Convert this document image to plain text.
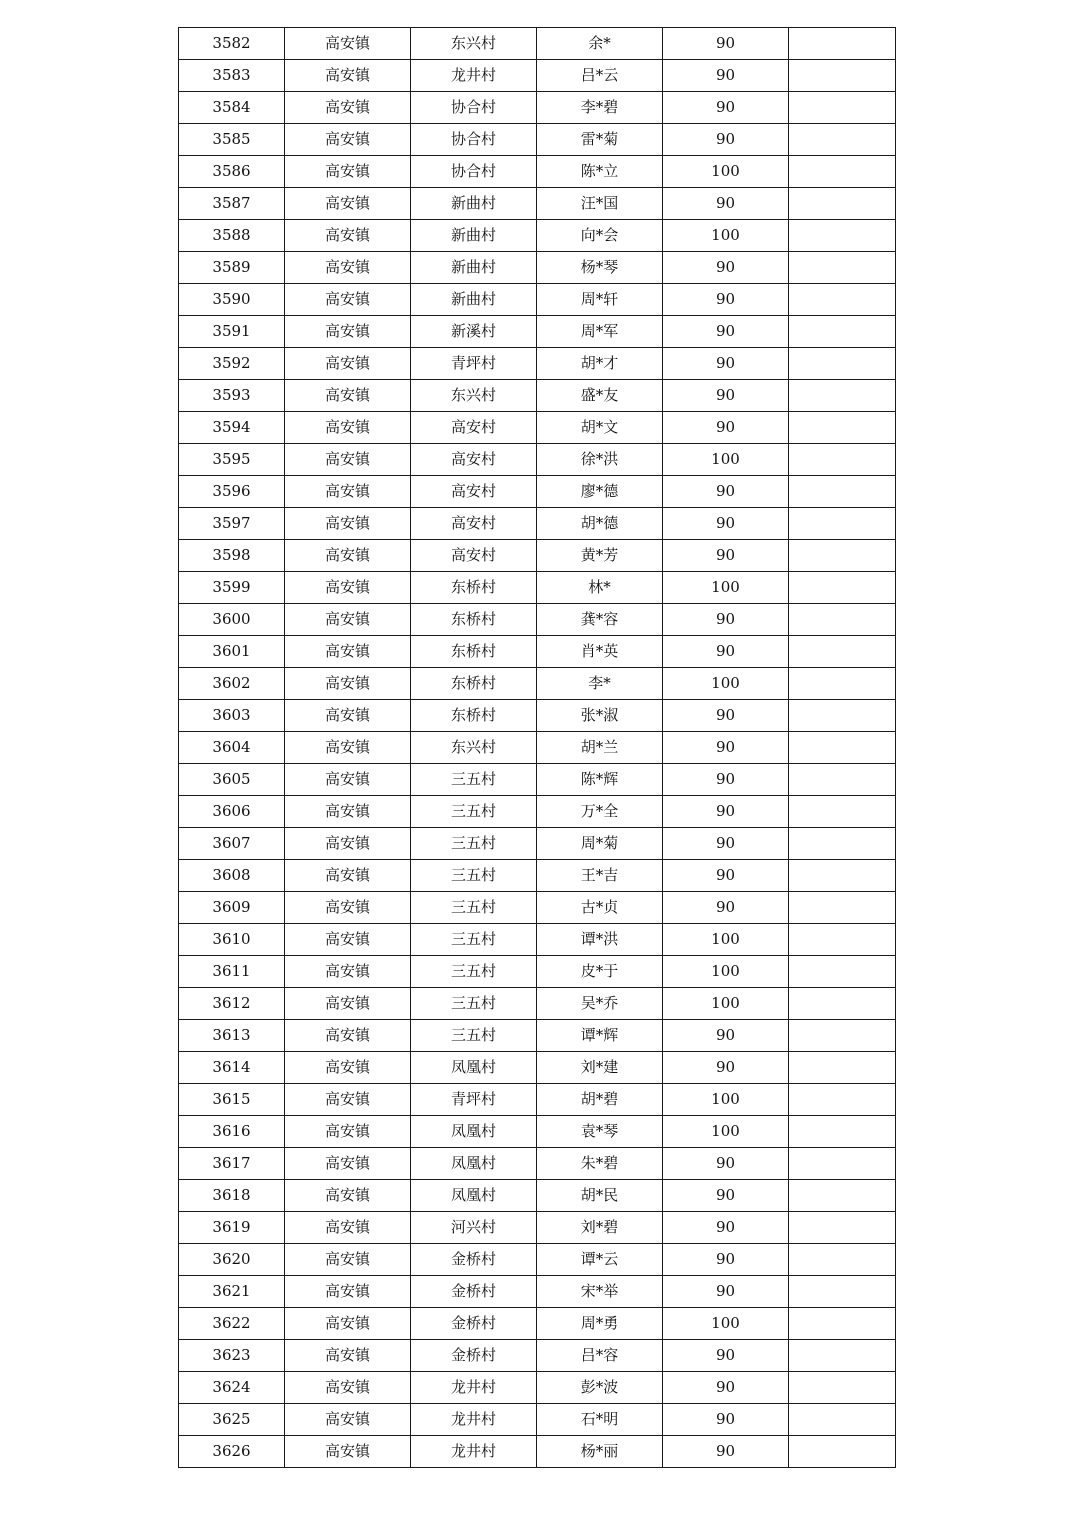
3582	高安镇	东兴村	余*	90	
3583	高安镇	龙井村	吕*云	90	
3584	高安镇	协合村	李*碧	90	
3585	高安镇	协合村	雷*菊	90	
3586	高安镇	协合村	陈*立	100	
3587	高安镇	新曲村	汪*国	90	
3588	高安镇	新曲村	向*会	100	
3589	高安镇	新曲村	杨*琴	90	
3590	高安镇	新曲村	周*轩	90	
3591	高安镇	新溪村	周*军	90	
3592	高安镇	青坪村	胡*才	90	
3593	高安镇	东兴村	盛*友	90	
3594	高安镇	高安村	胡*文	90	
3595	高安镇	高安村	徐*洪	100	
3596	高安镇	高安村	廖*德	90	
3597	高安镇	高安村	胡*德	90	
3598	高安镇	高安村	黄*芳	90	
3599	高安镇	东桥村	林*	100	
3600	高安镇	东桥村	龚*容	90	
3601	高安镇	东桥村	肖*英	90	
3602	高安镇	东桥村	李*	100	
3603	高安镇	东桥村	张*淑	90	
3604	高安镇	东兴村	胡*兰	90	
3605	高安镇	三五村	陈*辉	90	
3606	高安镇	三五村	万*全	90	
3607	高安镇	三五村	周*菊	90	
3608	高安镇	三五村	王*吉	90	
3609	高安镇	三五村	古*贞	90	
3610	高安镇	三五村	谭*洪	100	
3611	高安镇	三五村	皮*于	100	
3612	高安镇	三五村	吴*乔	100	
3613	高安镇	三五村	谭*辉	90	
3614	高安镇	凤凰村	刘*建	90	
3615	高安镇	青坪村	胡*碧	100	
3616	高安镇	凤凰村	袁*琴	100	
3617	高安镇	凤凰村	朱*碧	90	
3618	高安镇	凤凰村	胡*民	90	
3619	高安镇	河兴村	刘*碧	90	
3620	高安镇	金桥村	谭*云	90	
3621	高安镇	金桥村	宋*举	90	
3622	高安镇	金桥村	周*勇	100	
3623	高安镇	金桥村	吕*容	90	
3624	高安镇	龙井村	彭*波	90	
3625	高安镇	龙井村	石*明	90	
3626	高安镇	龙井村	杨*丽	90	
